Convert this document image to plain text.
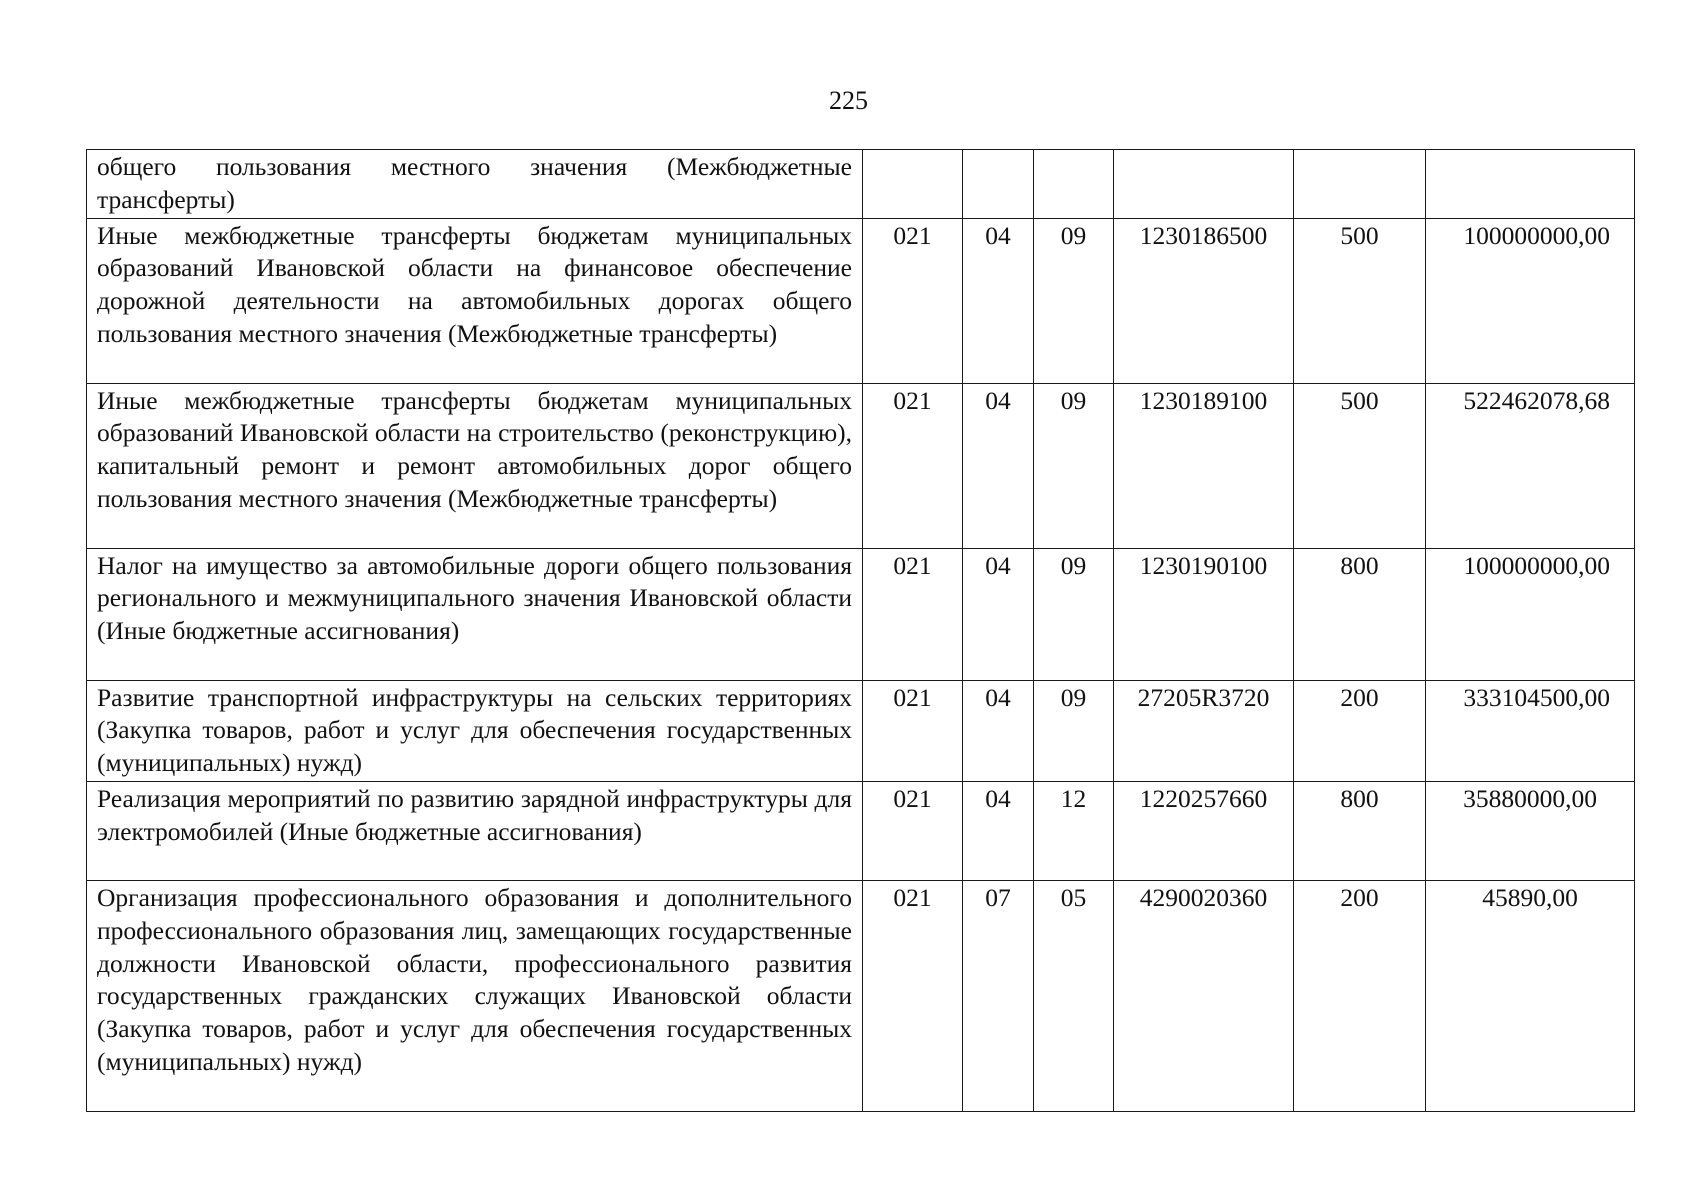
225
общего пользования местного значения (Межбюджетные трансферты)						
Иные межбюджетные трансферты бюджетам муниципальных образований Ивановской области на финансовое обеспечение дорожной деятельности на автомобильных дорогах общего пользования местного значения (Межбюджетные трансферты)	021	04	09	1230186500	500	100000000,00
Иные межбюджетные трансферты бюджетам муниципальных образований Ивановской области на строительство (реконструкцию), капитальный ремонт и ремонт автомобильных дорог общего пользования местного значения (Межбюджетные трансферты)	021	04	09	1230189100	500	522462078,68
Налог на имущество за автомобильные дороги общего пользования регионального и межмуниципального значения Ивановской области (Иные бюджетные ассигнования)	021	04	09	1230190100	800	100000000,00
Развитие транспортной инфраструктуры на сельских территориях (Закупка товаров, работ и услуг для обеспечения государственных (муниципальных) нужд)	021	04	09	27205R3720	200	333104500,00
Реализация мероприятий по развитию зарядной инфраструктуры для электромобилей (Иные бюджетные ассигнования)	021	04	12	1220257660	800	35880000,00
Организация профессионального образования и дополнительного профессионального образования лиц, замещающих государственные должности Ивановской области, профессионального развития государственных гражданских служащих Ивановской области (Закупка товаров, работ и услуг для обеспечения государственных (муниципальных) нужд)	021	07	05	4290020360	200	45890,00
